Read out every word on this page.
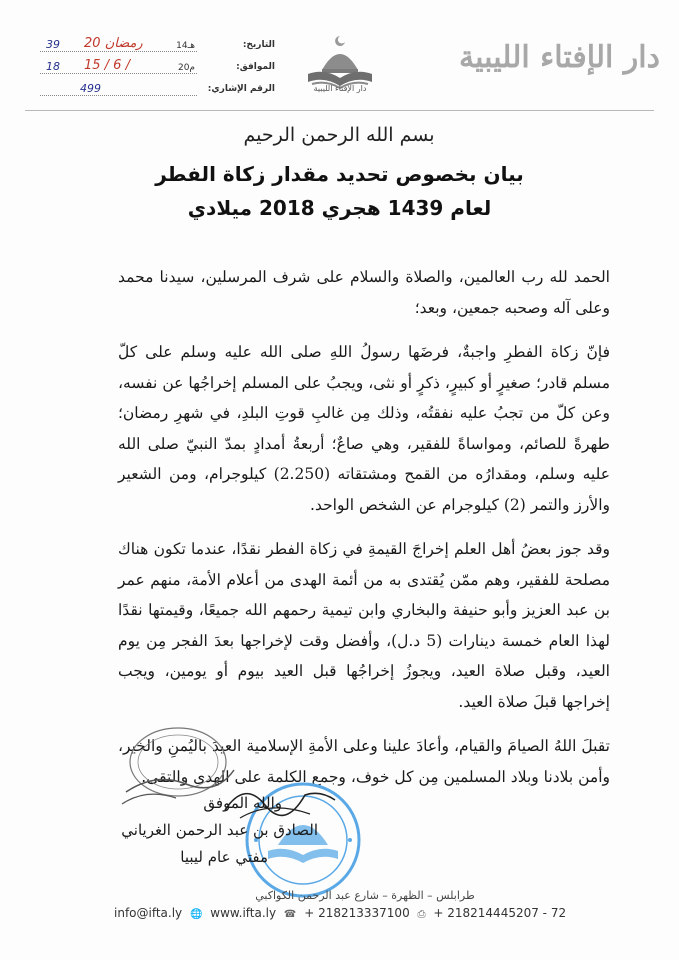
دار الإفتاء الليبية
دار الإفتاء الليبية
التاريخ:
14هـ
39 20 رمضان
الموافق:
20م
18 15 / 6 /
الرقم الإشاري:
499
بسم الله الرحمن الرحيم
بيان بخصوص تحديد مقدار زكاة الفطر
لعام 1439 هجري 2018 ميلادي

الحمد لله رب العالمين، والصلاة والسلام على شرف المرسلين، سيدنا محمد وعلى آله وصحبه جمعين، وبعد؛

فإنّ زكاة الفطرِ واجبةٌ، فرضَها رسولُ اللهِ صلى الله عليه وسلم على كلّ مسلم قادر؛ صغيرٍ أو كبيرٍ، ذكرٍ أو نثى، ويجبُ على المسلم إخراجُها عن نفسه، وعن كلّ من تجبُ عليه نفقتُه، وذلك مِن غالبِ قوتِ البلدِ، في شهرِ رمضان؛ طهرةً للصائم، ومواساةً للفقير، وهي صاعٌ؛ أربعةُ أمدادٍ بمدّ النبيّ صلى الله عليه وسلم، ومقدارُه من القمح ومشتقاته (2.250) كيلوجرام، ومن الشعير والأرز والتمر (2) كيلوجرام عن الشخص الواحد.

وقد جوز بعضُ أهل العلم إخراجَ القيمةِ في زكاة الفطر نقدًا، عندما تكون هناك مصلحة للفقير، وهم ممّن يُقتدى به من أئمة الهدى من أعلام الأمة، منهم عمر بن عبد العزيز وأبو حنيفة والبخاري وابن تيمية رحمهم الله جميعًا، وقيمتها نقدًا لهذا العام خمسة دينارات (5 د.ل)، وأفضل وقت لإخراجها بعدَ الفجر مِن يوم العيد، وقبل صلاة العيد، ويجوزُ إخراجُها قبل العيد بيوم أو يومين، ويجب إخراجها قبلَ صلاة العيد.

تقبلَ اللهُ الصيامَ والقيام، وأعادَ علينا وعلى الأمةِ الإسلامية العيدَ باليُمنِ والخير، وأمن بلادنا وبلاد المسلمين مِن كل خوف، وجمع الكلمة على الهدى والتقى.

والله الموفق
الصادق بن عبد الرحمن الغرياني
مفتي عام ليبيا
طرابلس – الظهرة – شارع عبد الرحمن الكواكبي
info@ifta.ly 🌐 www.ifta.ly ☎ + 218213337100 ⎙ + 218214445207 - 72
